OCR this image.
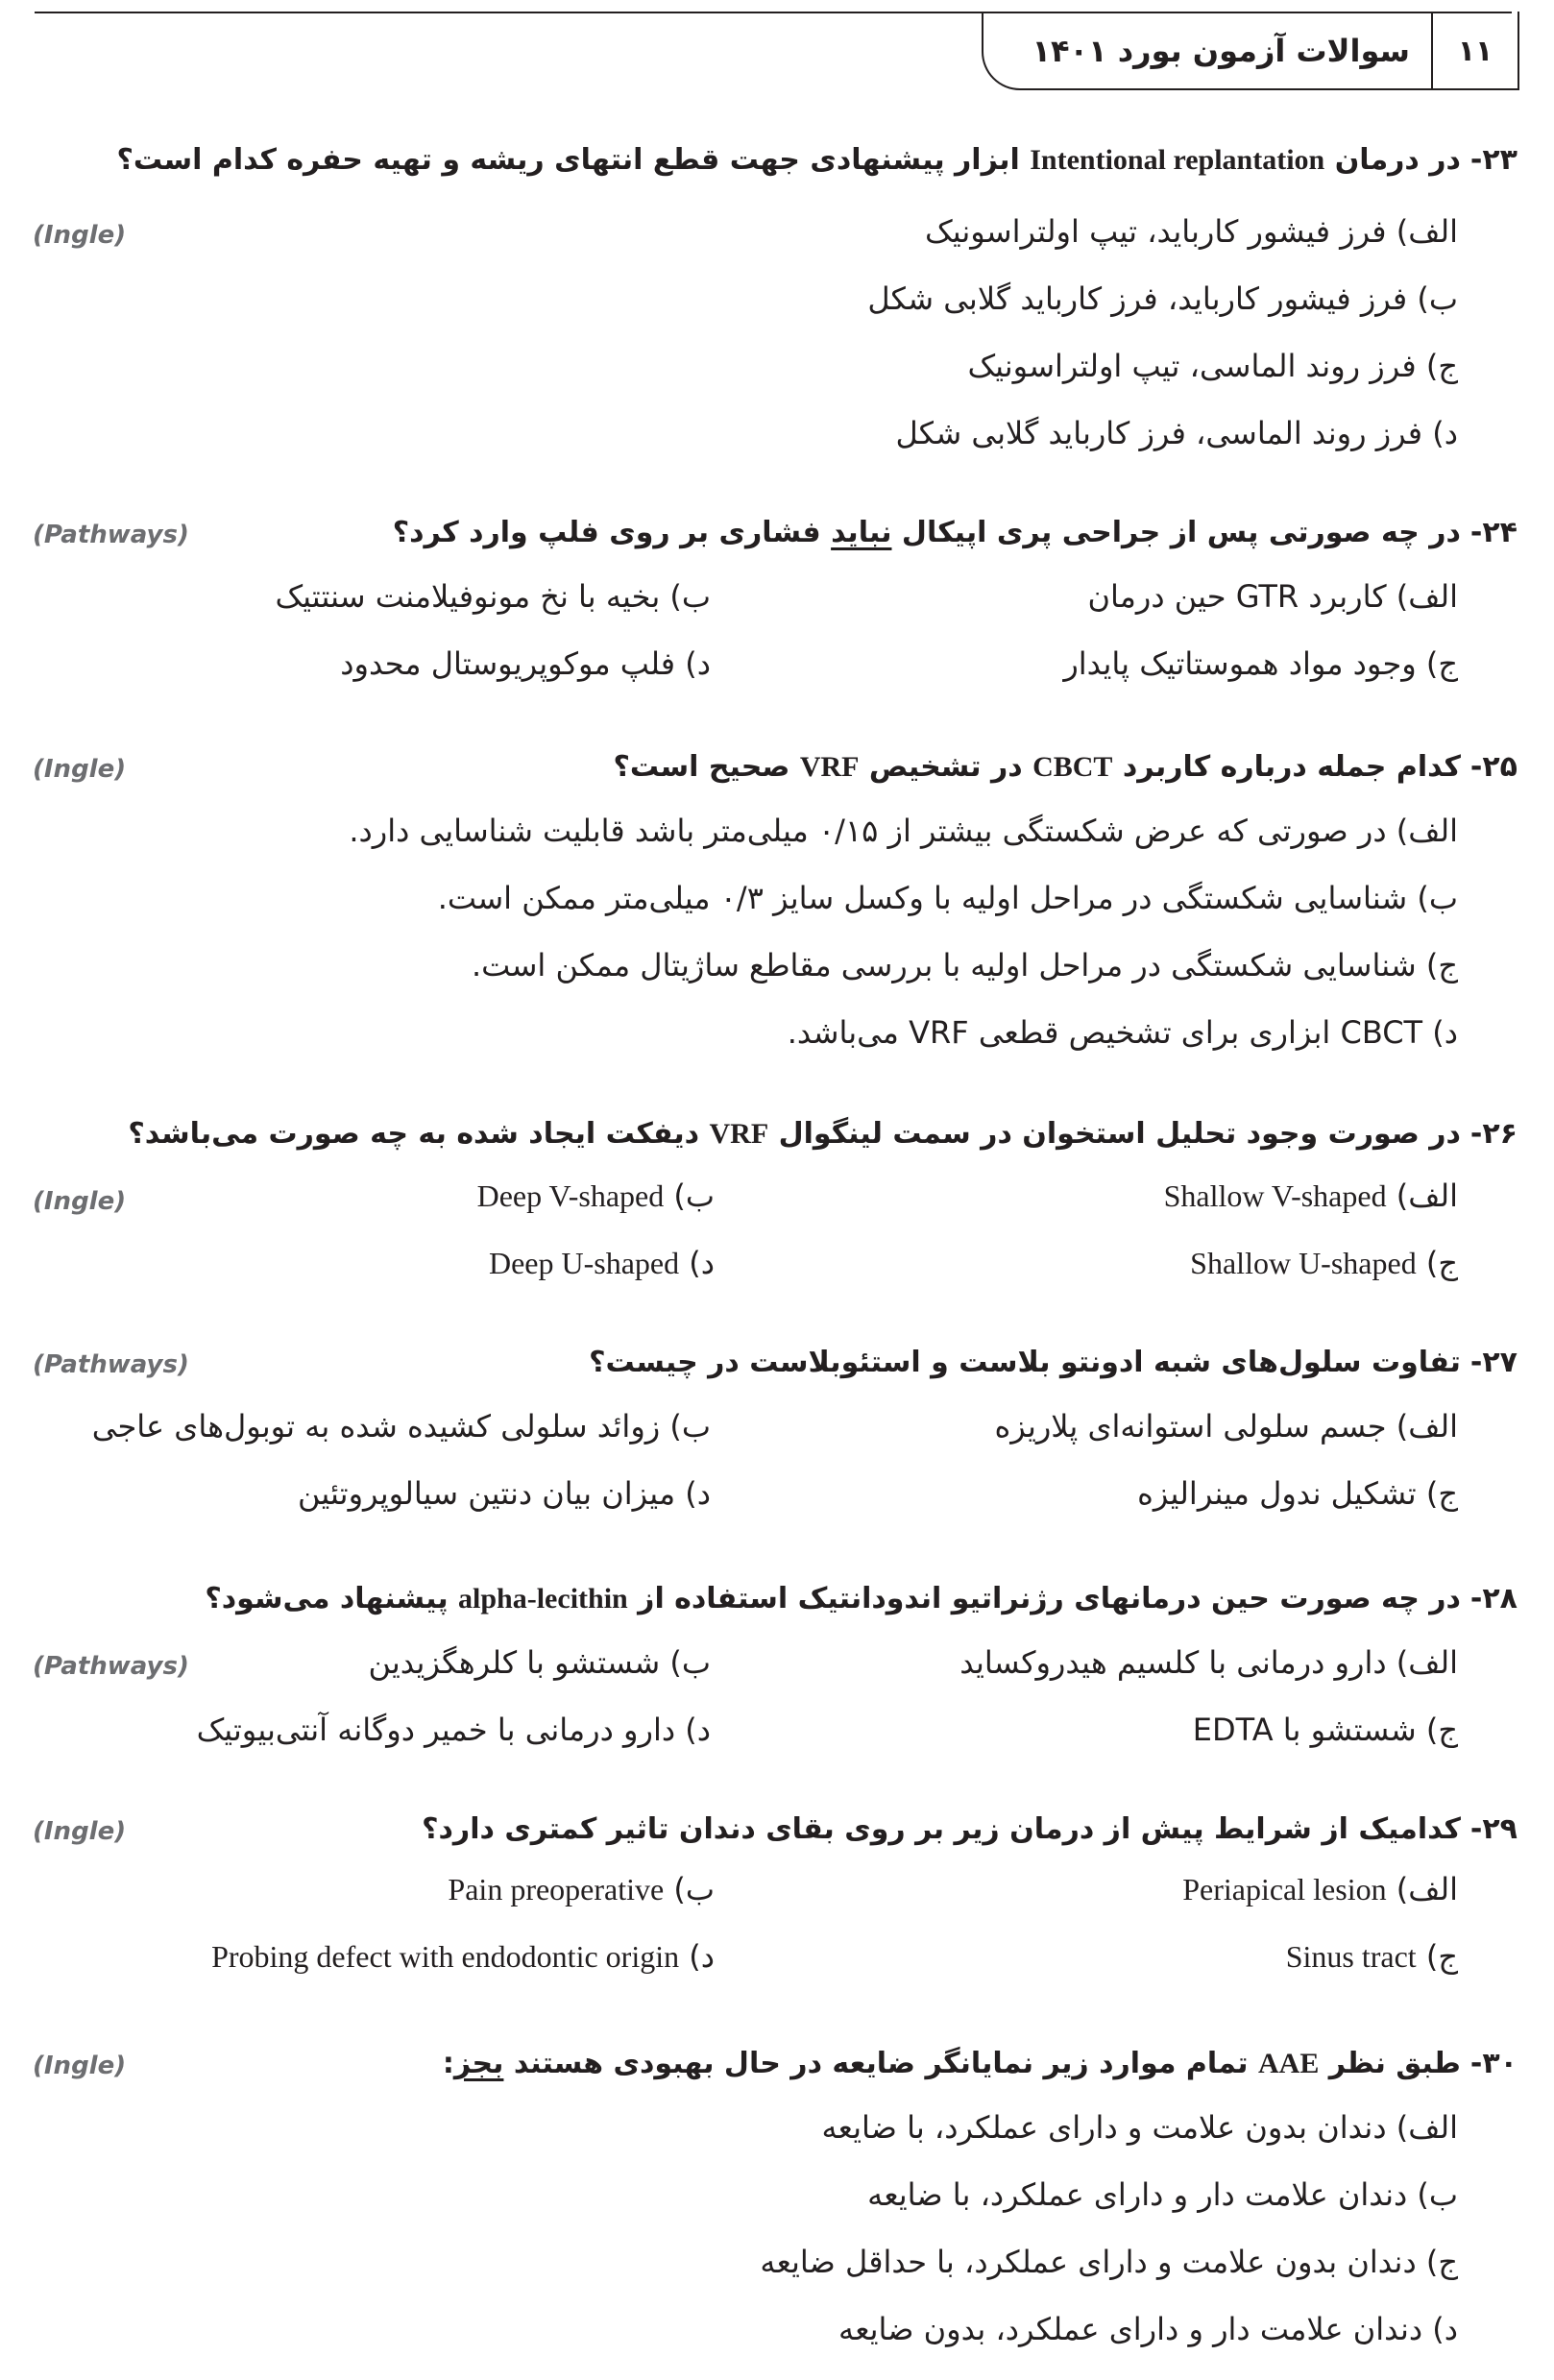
۱۱
سوالات آزمون بورد ۱۴۰۱
۲۳-
در درمان Intentional replantation ابزار پیشنهادی جهت قطع انتهای ریشه و تهیه حفره کدام است؟
(Ingle)	الف) فرز فیشور کارباید، تیپ اولتراسونیک
ب) فرز فیشور کارباید، فرز کارباید گلابی شکل
ج) فرز روند الماسی، تیپ اولتراسونیک
د) فرز روند الماسی، فرز کارباید گلابی شکل
۲۴-
در چه صورتی پس از جراحی پری اپیکال نباید فشاری بر روی فلپ وارد کرد؟
(Pathways)
الف) کاربرد GTR حین درمان
ب) بخیه با نخ مونوفیلامنت سنتتیک
ج) وجود مواد هموستاتیک پایدار
د) فلپ موکوپریوستال محدود
۲۵-
کدام جمله درباره کاربرد CBCT در تشخیص VRF صحیح است؟
(Ingle)
الف) در صورتی که عرض شکستگی بیشتر از ۰/۱۵ میلی‌متر باشد قابلیت شناسایی دارد.
ب) شناسایی شکستگی در مراحل اولیه با وکسل سایز ۰/۳ میلی‌متر ممکن است.
ج) شناسایی شکستگی در مراحل اولیه با بررسی مقاطع ساژیتال ممکن است.
د) CBCT ابزاری برای تشخیص قطعی VRF می‌باشد.
۲۶-
در صورت وجود تحلیل استخوان در سمت لینگوال VRF دیفکت ایجاد شده به چه صورت می‌باشد؟
(Ingle)	الف) Shallow V-shaped
ب) Deep V-shaped
ج) Shallow U-shaped
د) Deep U-shaped
۲۷-
تفاوت سلول‌های شبه ادونتو بلاست و استئوبلاست در چیست؟
(Pathways)
الف) جسم سلولی استوانه‌ای پلاریزه
ب) زوائد سلولی کشیده شده به توبول‌های عاجی
ج) تشکیل ندول مینرالیزه
د) میزان بیان دنتین سیالوپروتئین
۲۸-
در چه صورت حین درمانهای رژنراتیو اندودانتیک استفاده از alpha-lecithin پیشنهاد می‌شود؟
(Pathways)	الف) دارو درمانی با کلسیم هیدروکساید
ب) شستشو با کلرهگزیدین
ج) شستشو با EDTA
د) دارو درمانی با خمیر دوگانه آنتی‌بیوتیک
۲۹-
کدامیک از شرایط پیش از درمان زیر بر روی بقای دندان تاثیر کمتری دارد؟
(Ingle)
الف) Periapical lesion
ب) Pain preoperative
ج) Sinus tract
د) Probing defect with endodontic origin
۳۰-
طبق نظر AAE تمام موارد زیر نمایانگر ضایعه در حال بهبودی هستند بجز:
(Ingle)
الف) دندان بدون علامت و دارای عملکرد، با ضایعه
ب) دندان علامت دار و دارای عملکرد، با ضایعه
ج) دندان بدون علامت و دارای عملکرد، با حداقل ضایعه
د) دندان علامت دار و دارای عملکرد، بدون ضایعه
